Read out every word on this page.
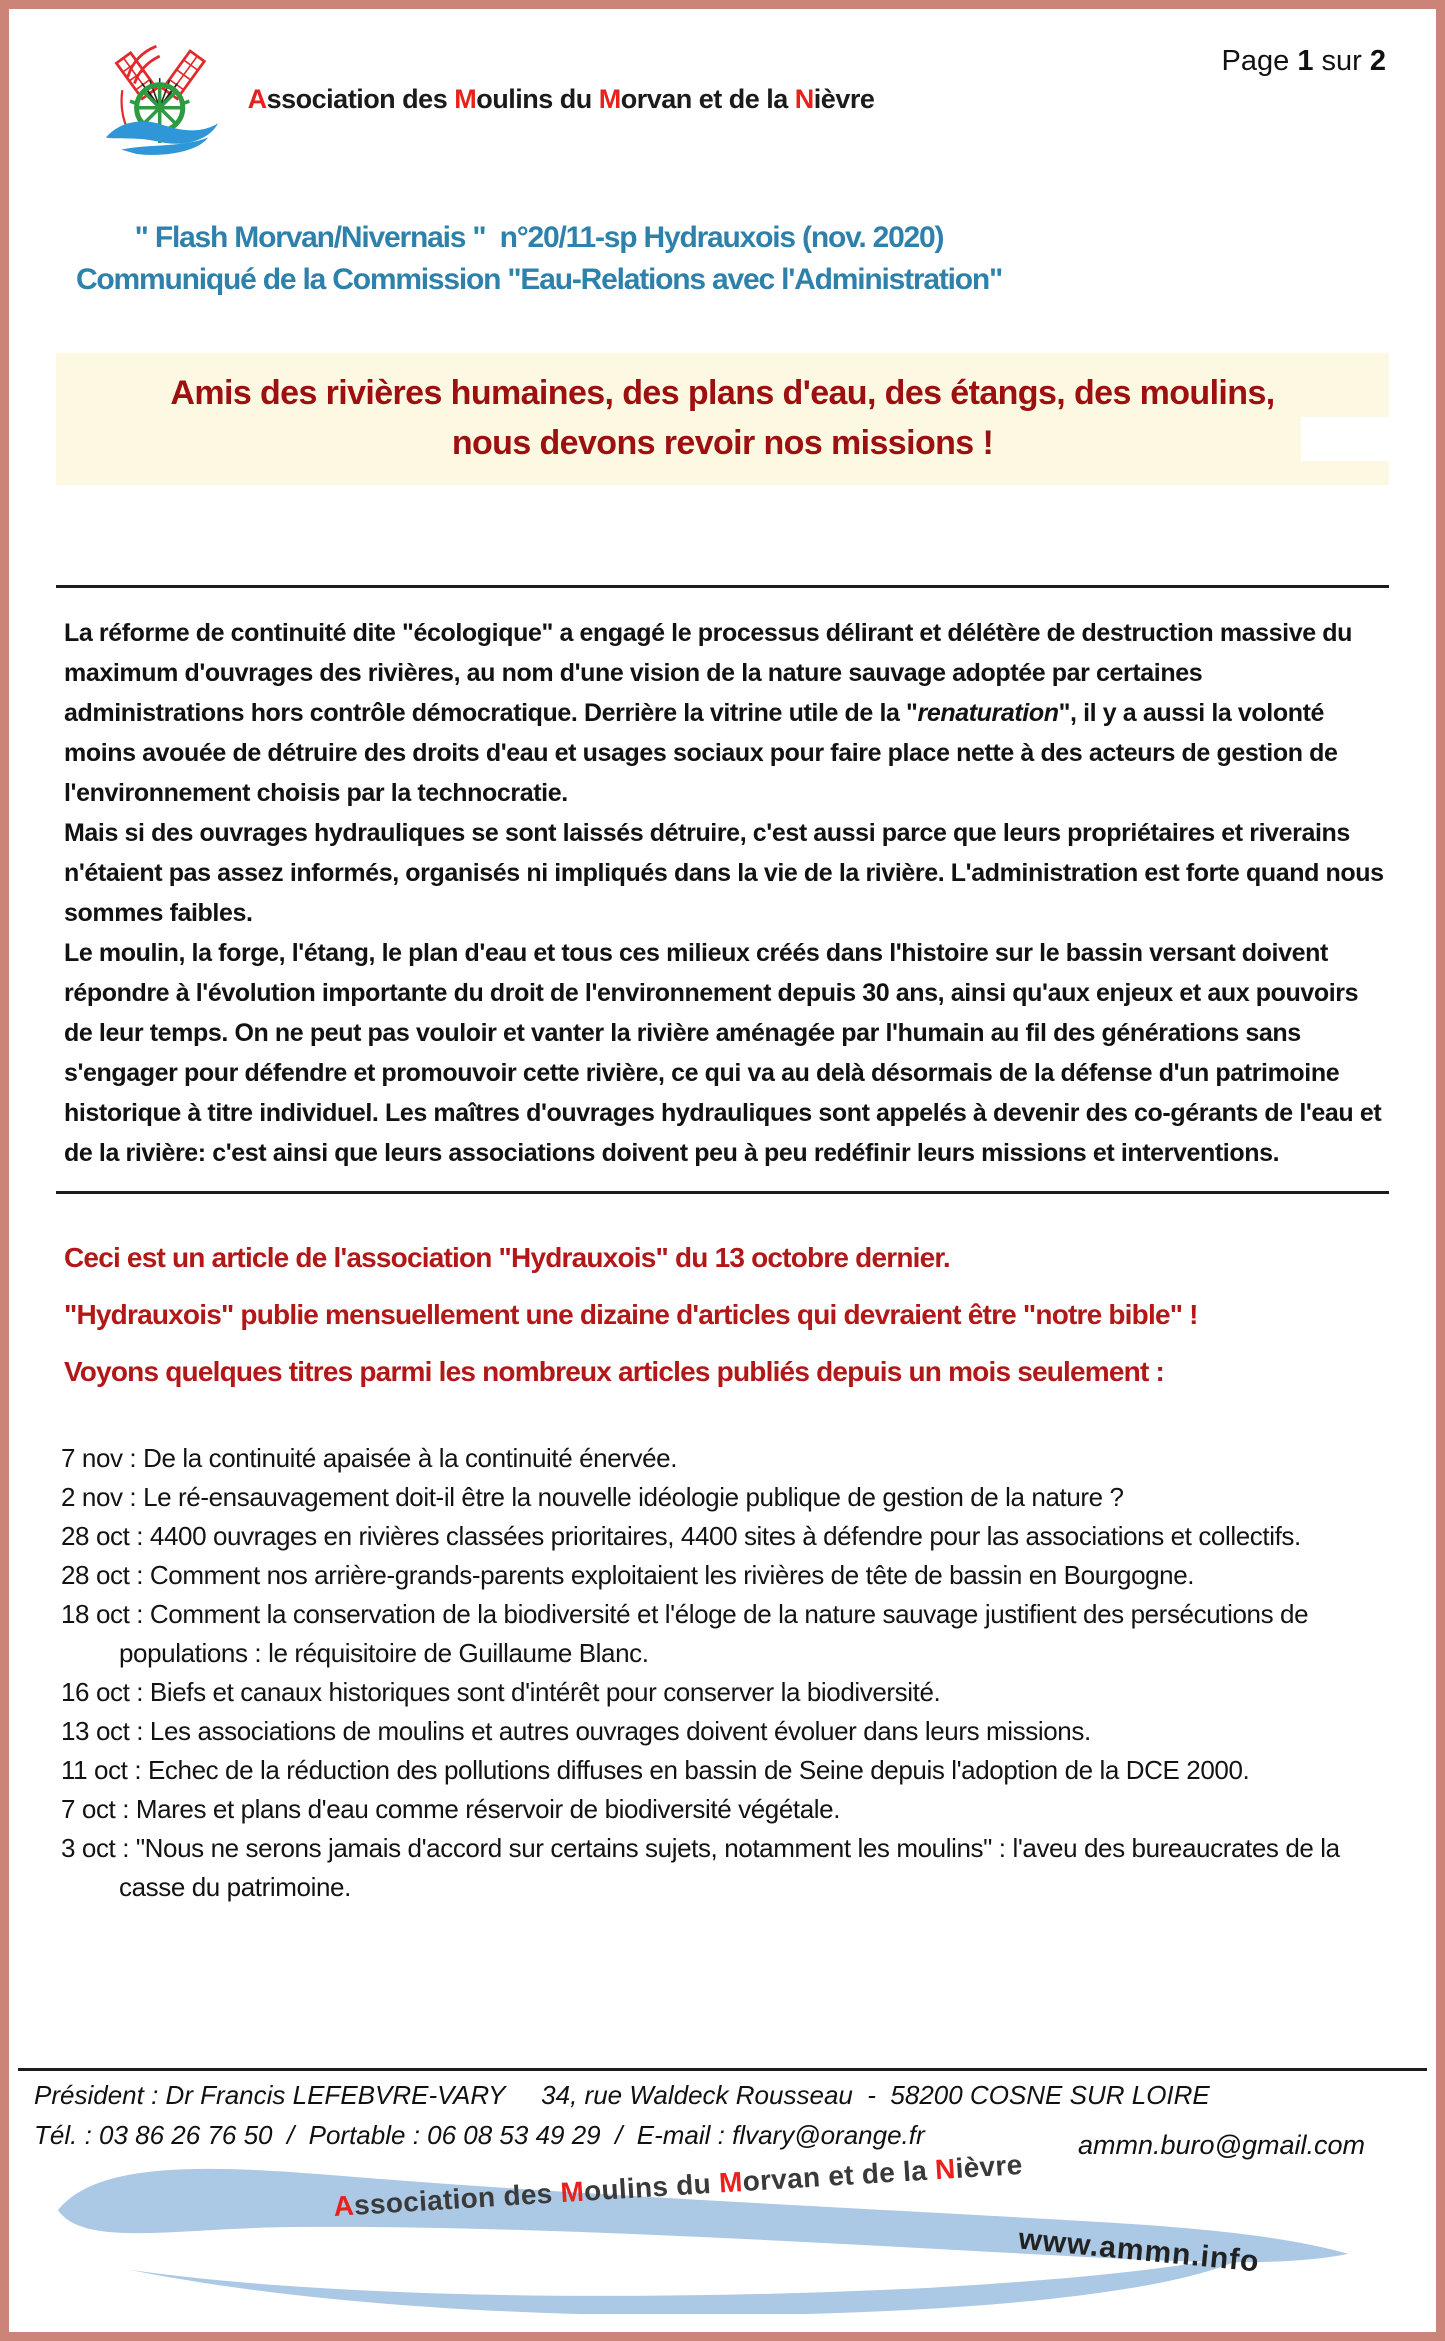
Page 1 sur 2
Association des Moulins du Morvan et de la Nièvre
" Flash Morvan/Nivernais "  n°20/11-sp Hydrauxois (nov. 2020)
Communiqué de la Commission "Eau-Relations avec l'Administration"
Amis des rivières humaines, des plans d'eau, des étangs, des moulins,
nous devons revoir nos missions !

La réforme de continuité dite "écologique" a engagé le processus délirant et délétère de destruction massive du maximum d'ouvrages des rivières, au nom d'une vision de la nature sauvage adoptée par certaines administrations hors contrôle démocratique. Derrière la vitrine utile de la "renaturation", il y a aussi la volonté moins avouée de détruire des droits d'eau et usages sociaux pour faire place nette à des acteurs de gestion de l'environnement choisis par la technocratie.

Mais si des ouvrages hydrauliques se sont laissés détruire, c'est aussi parce que leurs propriétaires et riverains n'étaient pas assez informés, organisés ni impliqués dans la vie de la rivière. L'administration est forte quand nous sommes faibles.

Le moulin, la forge, l'étang, le plan d'eau et tous ces milieux créés dans l'histoire sur le bassin versant doivent répondre à l'évolution importante du droit de l'environnement depuis 30 ans, ainsi qu'aux enjeux et aux pouvoirs de leur temps. On ne peut pas vouloir et vanter la rivière aménagée par l'humain au fil des générations sans s'engager pour défendre et promouvoir cette rivière, ce qui va au delà désormais de la défense d'un patrimoine historique à titre individuel. Les maîtres d'ouvrages hydrauliques sont appelés à devenir des co-gérants de l'eau et de la rivière: c'est ainsi que leurs associations doivent peu à peu redéfinir leurs missions et interventions.

Ceci est un article de l'association "Hydrauxois" du 13 octobre dernier.
"Hydrauxois" publie mensuellement une dizaine d'articles qui devraient être "notre bible" !
Voyons quelques titres parmi les nombreux articles publiés depuis un mois seulement :
7 nov : De la continuité apaisée à la continuité énervée.
2 nov : Le ré-ensauvagement doit-il être la nouvelle idéologie publique de gestion de la nature ?
28 oct : 4400 ouvrages en rivières classées prioritaires, 4400 sites à défendre pour las associations et collectifs.
28 oct : Comment nos arrière-grands-parents exploitaient les rivières de tête de bassin en Bourgogne.
18 oct : Comment la conservation de la biodiversité et l'éloge de la nature sauvage justifient des persécutions de populations : le réquisitoire de Guillaume Blanc.
16 oct : Biefs et canaux historiques sont d'intérêt pour conserver la biodiversité.
13 oct : Les associations de moulins et autres ouvrages doivent évoluer dans leurs missions.
11 oct : Echec de la réduction des pollutions diffuses en bassin de Seine depuis l'adoption de la DCE 2000.
7 oct : Mares et plans d'eau comme réservoir de biodiversité végétale.
3 oct : "Nous ne serons jamais d'accord sur certains sujets, notamment les moulins" : l'aveu des bureaucrates de la casse du patrimoine.
Président : Dr Francis LEFEBVRE-VARY     34, rue Waldeck Rousseau  -  58200 COSNE SUR LOIRE
Tél. : 03 86 26 76 50  /  Portable : 06 08 53 49 29  /  E-mail : flvary@orange.fr	ammn.buro@gmail.com
Association des Moulins du Morvan et de la Nièvre
www.ammn.info
